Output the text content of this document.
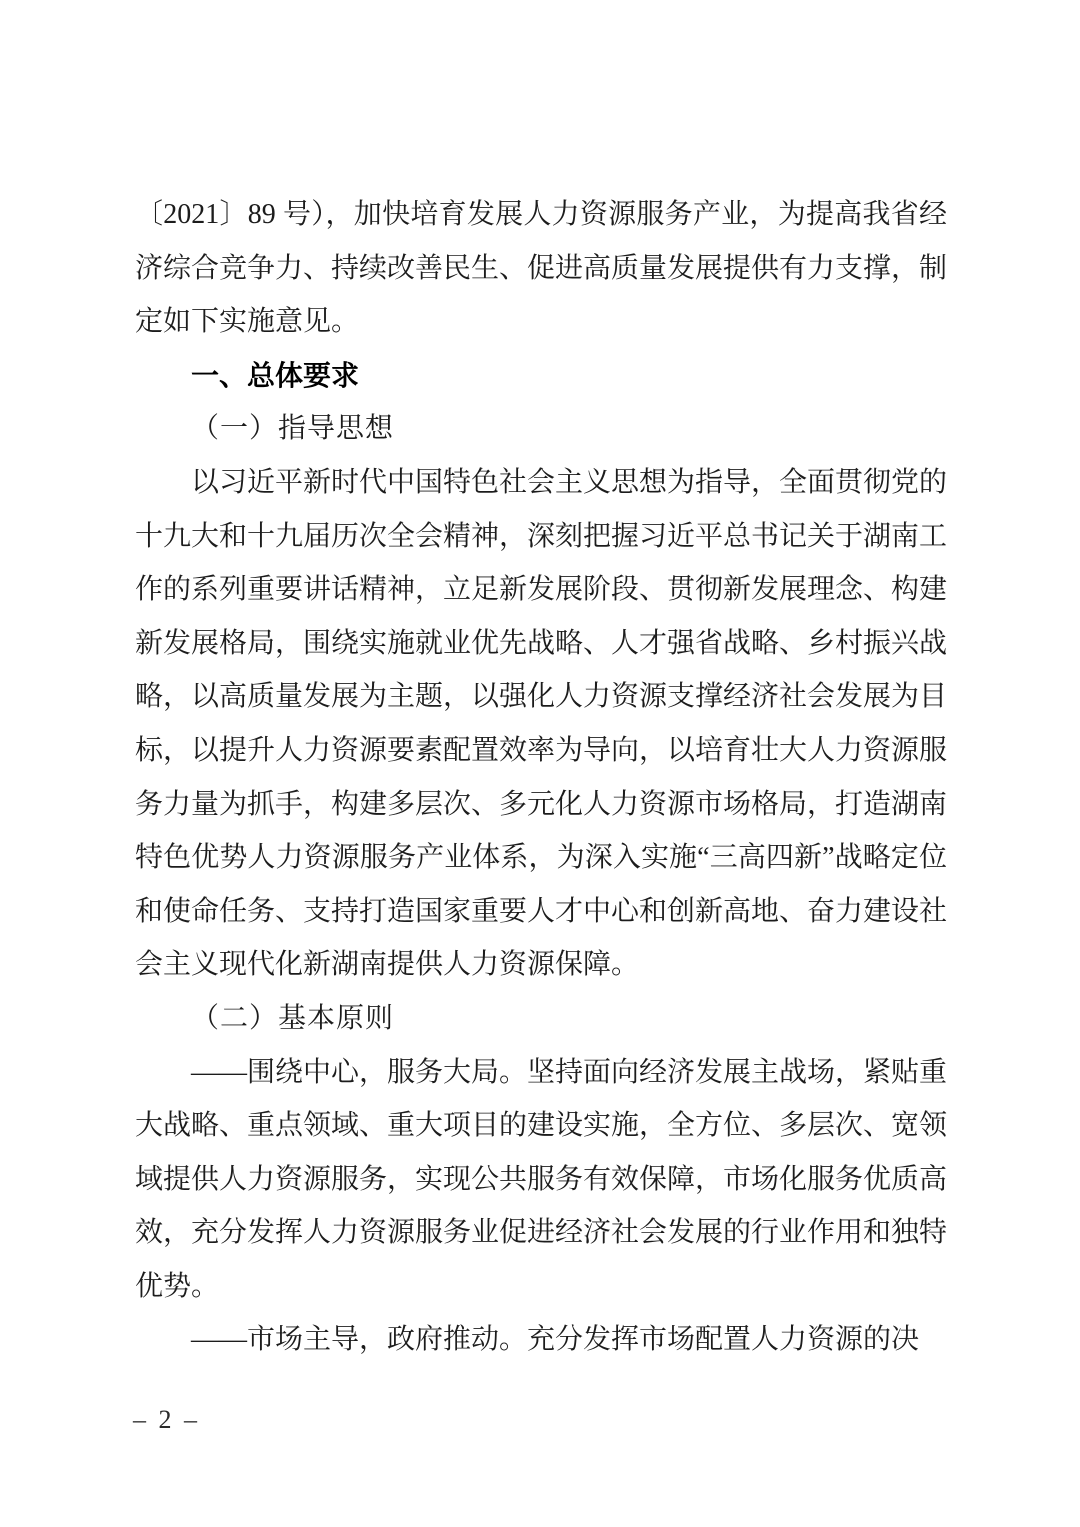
〔2021〕89 号），加快培育发展人力资源服务产业，为提高我省经济综合竞争力、持续改善民生、促进高质量发展提供有力支撑，制定如下实施意见。

一、总体要求

（一）指导思想

以习近平新时代中国特色社会主义思想为指导，全面贯彻党的十九大和十九届历次全会精神，深刻把握习近平总书记关于湖南工作的系列重要讲话精神，立足新发展阶段、贯彻新发展理念、构建新发展格局，围绕实施就业优先战略、人才强省战略、乡村振兴战略，以高质量发展为主题，以强化人力资源支撑经济社会发展为目标，以提升人力资源要素配置效率为导向，以培育壮大人力资源服务力量为抓手，构建多层次、多元化人力资源市场格局，打造湖南特色优势人力资源服务产业体系，为深入实施“三高四新”战略定位和使命任务、支持打造国家重要人才中心和创新高地、奋力建设社会主义现代化新湖南提供人力资源保障。

（二）基本原则

——围绕中心，服务大局。坚持面向经济发展主战场，紧贴重大战略、重点领域、重大项目的建设实施，全方位、多层次、宽领域提供人力资源服务，实现公共服务有效保障，市场化服务优质高效，充分发挥人力资源服务业促进经济社会发展的行业作用和独特优势。

——市场主导，政府推动。充分发挥市场配置人力资源的决

– 2 –
